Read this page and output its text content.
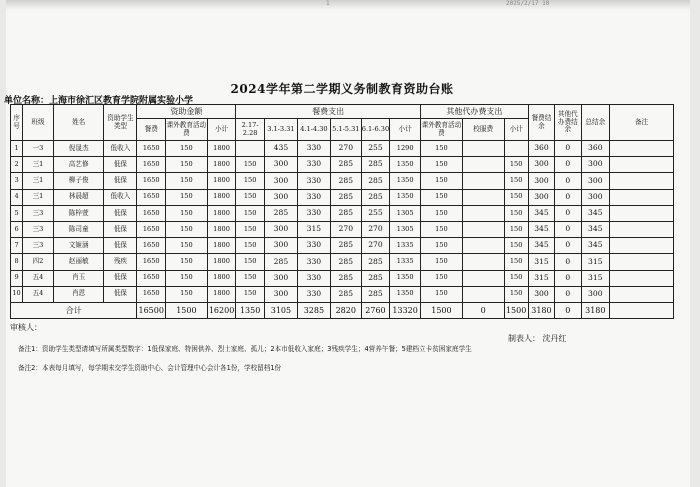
1	2025/2/17 10
2024学年第二学期义务制教育资助台账
单位名称：上海市徐汇区教育学院附属实验小学
序号	班级	姓名	资助学生类型	资助金额			餐费支出						其他代办费支出			餐费结余	其他代办费结余	总结余	备注
				餐费	课外教育活动费	小计	2.17-2.28	3.1-3.31	4.1-4.30	5.1-5.31	6.1-6.30	小计	课外教育活动费	校服费	小计				
1	一3	倪晟杰	低收入	1650	150	1800		435	330	270	255	1290	150			360	0	360	
2	三1	高艺修	低保	1650	150	1800	150	300	330	285	285	1350	150		150	300	0	300	
3	三1	柳子俊	低保	1650	150	1800	150	300	330	285	285	1350	150		150	300	0	300	
4	三1	林晨超	低收入	1650	150	1800	150	300	330	285	285	1350	150		150	300	0	300	
5	三3	陈梓萱	低保	1650	150	1800	150	285	330	285	255	1305	150		150	345	0	345	
6	三3	陈司童	低保	1650	150	1800	150	300	315	270	270	1305	150		150	345	0	345	
7	三3	文姬涵	低保	1650	150	1800	150	300	330	285	270	1335	150		150	345	0	345	
8	四2	赵丽敏	残疾	1650	150	1800	150	285	330	285	285	1335	150		150	315	0	315	
9	五4	肖玉	低保	1650	150	1800	150	300	330	285	285	1350	150		150	315	0	315	
10	五4	肖恩	低保	1650	150	1800	150	300	330	285	285	1350	150		150	300	0	300	
合计				16500	1500	16200	1350	3105	3285	2820	2760	13320	1500	0	1500	3180	0	3180	
审核人：
制表人： 沈丹红
备注1：资助学生类型请填写所属类型数字：1低保家庭、特困供养、烈士家庭、孤儿；2本市低收入家庭；3残疾学生；4营养午餐；5建档立卡贫困家庭学生
备注2：本表每月填写，每学期末交学生资助中心、会计管理中心会计各1份，学校留档1份
